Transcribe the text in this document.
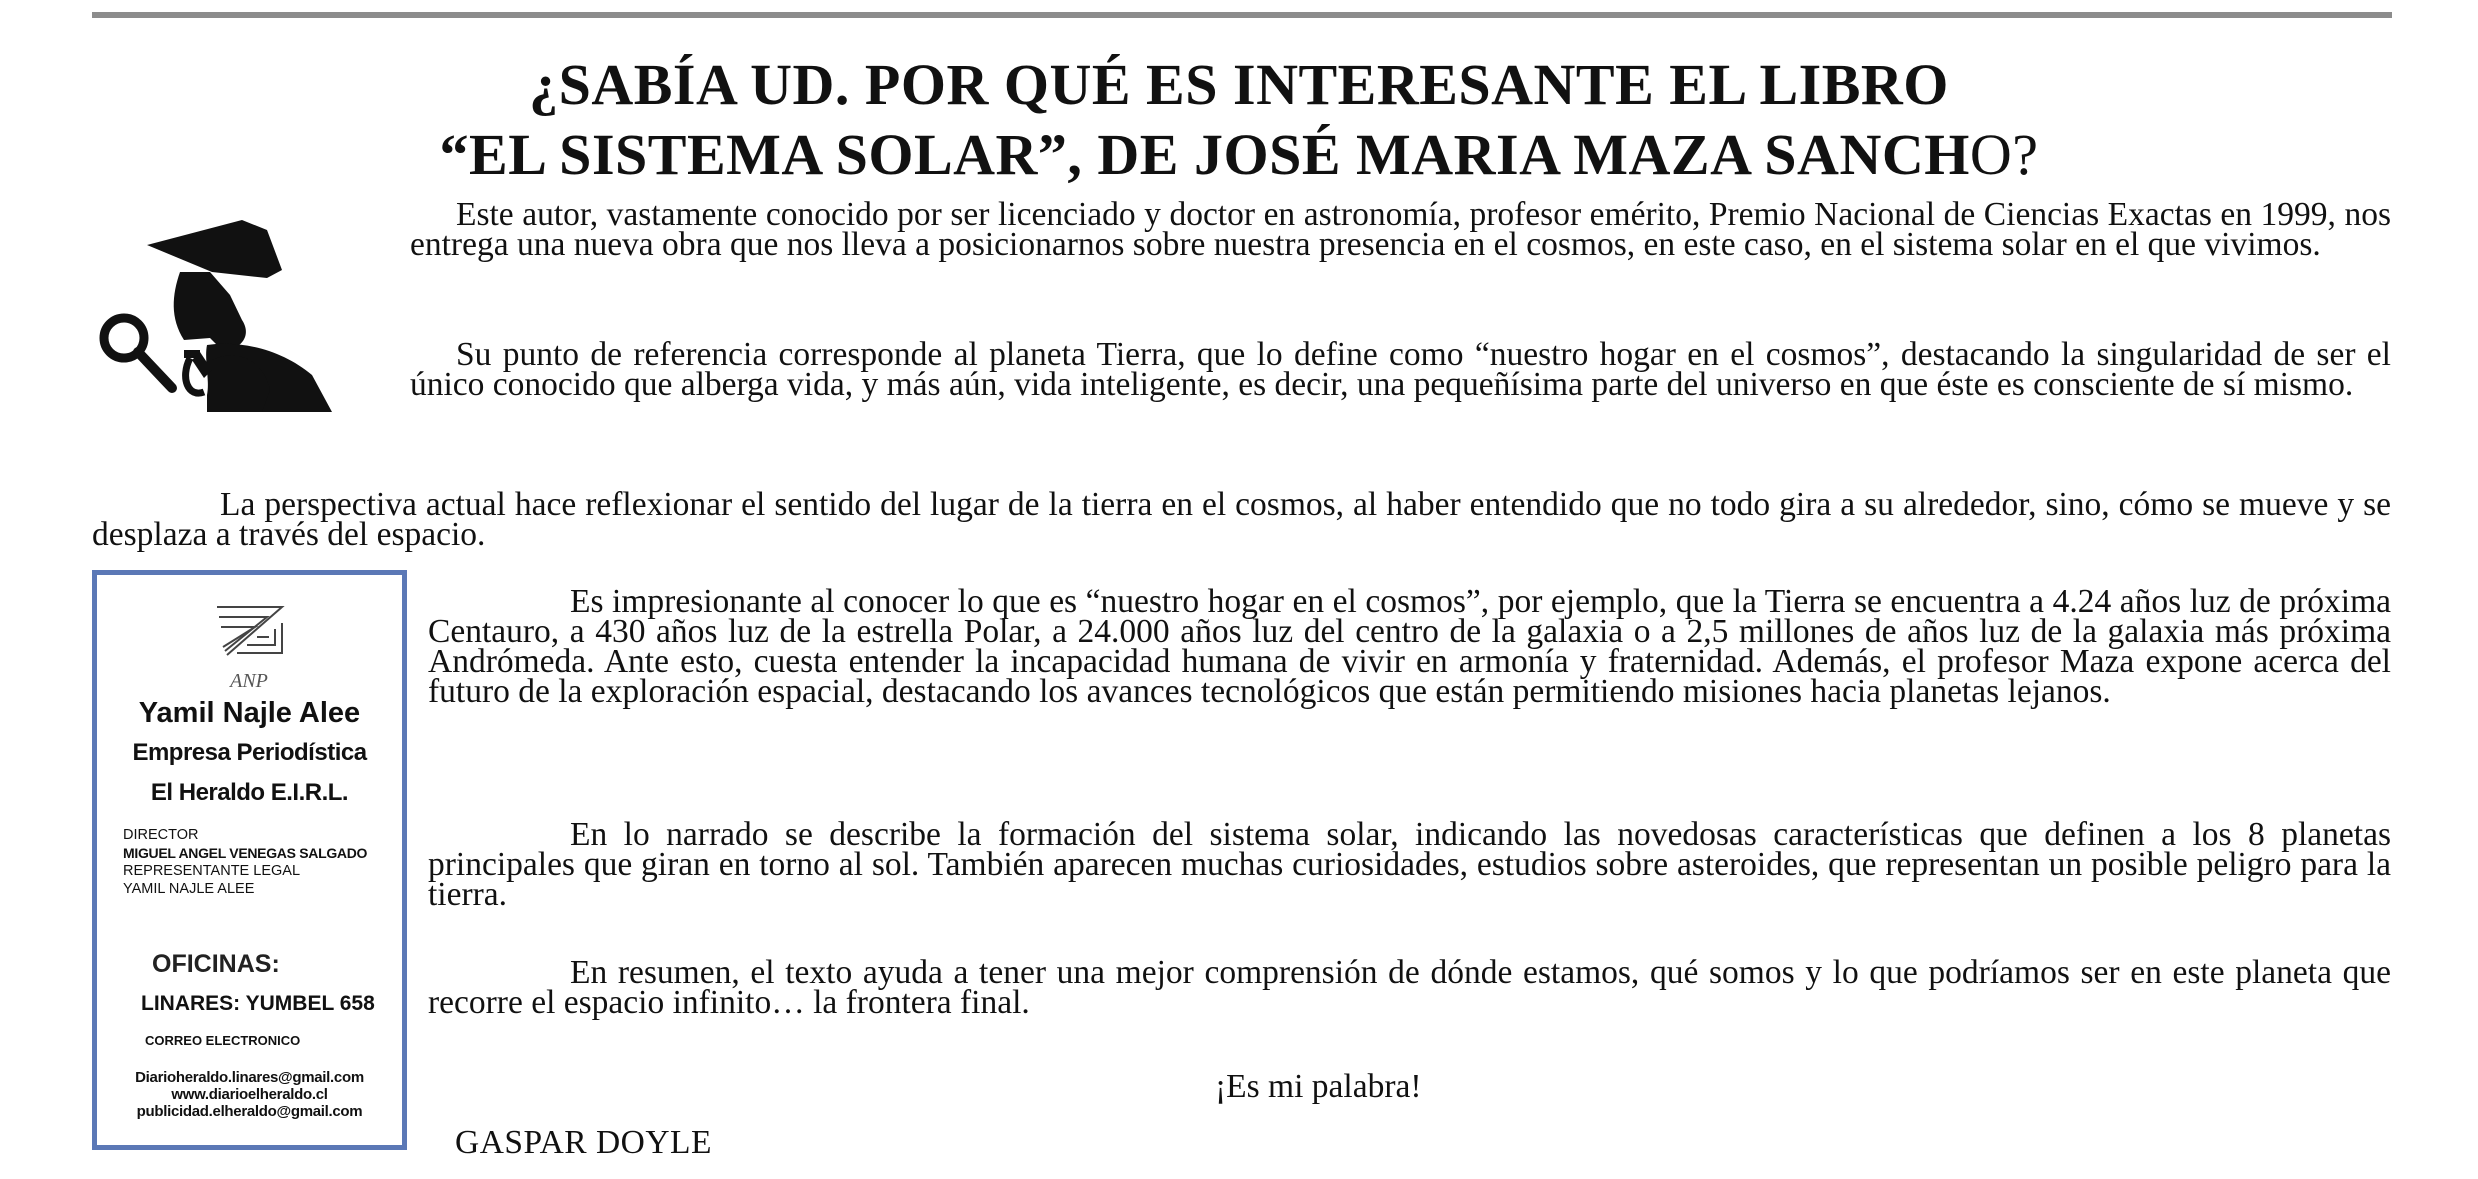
¿SABÍA UD. POR QUÉ ES INTERESANTE EL LIBRO
“EL SISTEMA SOLAR”, DE JOSÉ MARIA MAZA SANCHO?

Este autor, vastamente conocido por ser licenciado y doctor en astronomía, profesor emérito, Premio Nacional de Ciencias Exactas en 1999, nos entrega una nueva obra que nos lleva a posicionarnos sobre nuestra presencia en el cosmos, en este caso, en el sistema solar en el que vivimos.

Su punto de referencia corresponde al planeta Tierra, que lo define como “nuestro hogar en el cosmos”, destacando la singularidad de ser el único conocido que alberga vida, y más aún, vida inteligente, es decir, una pequeñísima parte del universo en que éste es consciente de sí mismo.

La perspectiva actual hace reflexionar el sentido del lugar de la tierra en el cosmos, al haber entendido que no todo gira a su alrededor, sino, cómo se mueve y se desplaza a través del espacio.

ANP
Yamil Najle Alee
Empresa Periodística
El Heraldo E.I.R.L.
DIRECTOR
MIGUEL ANGEL VENEGAS SALGADO
REPRESENTANTE LEGAL
YAMIL NAJLE ALEE
OFICINAS:
LINARES: YUMBEL 658
CORREO ELECTRONICO
Diarioheraldo.linares@gmail.com
www.diarioelheraldo.cl
publicidad.elheraldo@gmail.com

Es impresionante al conocer lo que es “nuestro hogar en el cosmos”, por ejemplo, que la Tierra se encuentra a 4.24 años luz de próxima Centauro, a 430 años luz de la estrella Polar, a 24.000 años luz del centro de la galaxia o a 2,5 millones de años luz de la galaxia más próxima Andrómeda. Ante esto, cuesta entender la incapacidad humana de vivir en armonía y fraternidad. Además, el profesor Maza expone acerca del futuro de la exploración espacial, destacando los avances tecnológicos que están permitiendo misiones hacia planetas lejanos.

En lo narrado se describe la formación del sistema solar, indicando las novedosas características que definen a los 8 planetas principales que giran en torno al sol. También aparecen muchas curiosidades, estudios sobre asteroides, que representan un posible peligro para la tierra.

En resumen, el texto ayuda a tener una mejor comprensión de dónde estamos, qué somos y lo que podríamos ser en este planeta que recorre el espacio infinito… la frontera final.

¡Es mi palabra!
GASPAR DOYLE
